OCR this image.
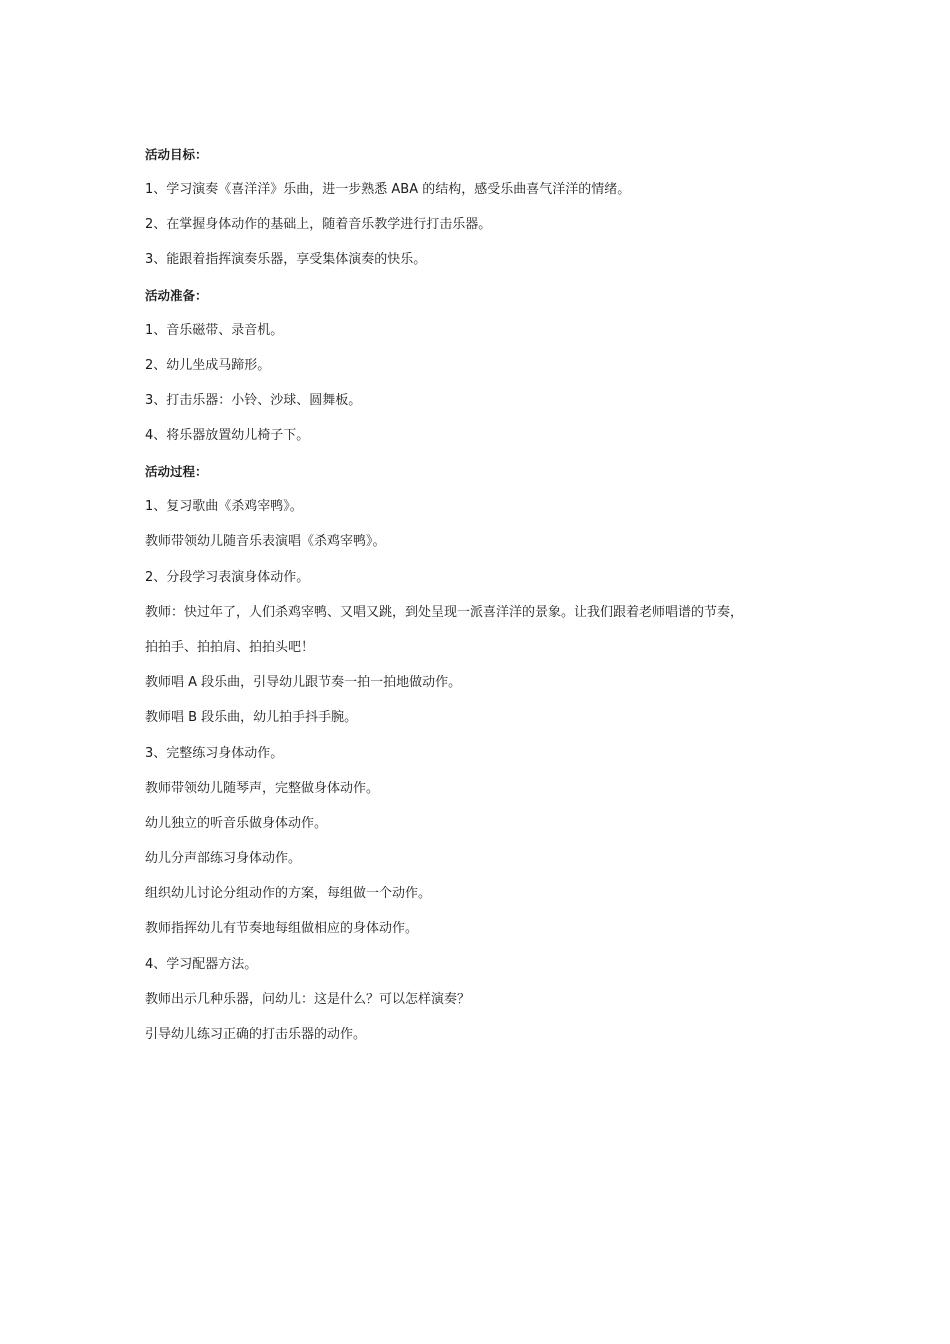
活动目标：
1、学习演奏《喜洋洋》乐曲，进一步熟悉 ABA 的结构，感受乐曲喜气洋洋的情绪。
2、在掌握身体动作的基础上，随着音乐教学进行打击乐器。
3、能跟着指挥演奏乐器，享受集体演奏的快乐。
活动准备：
1、音乐磁带、录音机。
2、幼儿坐成马蹄形。
3、打击乐器：小铃、沙球、圆舞板。
4、将乐器放置幼儿椅子下。
活动过程：
1、复习歌曲《杀鸡宰鸭》。
教师带领幼儿随音乐表演唱《杀鸡宰鸭》。
2、分段学习表演身体动作。
教师：快过年了，人们杀鸡宰鸭、又唱又跳，到处呈现一派喜洋洋的景象。让我们跟着老师唱谱的节奏，
拍拍手、拍拍肩、拍拍头吧！
教师唱 A 段乐曲，引导幼儿跟节奏一拍一拍地做动作。
教师唱 B 段乐曲，幼儿拍手抖手腕。
3、完整练习身体动作。
教师带领幼儿随琴声，完整做身体动作。
幼儿独立的听音乐做身体动作。
幼儿分声部练习身体动作。
组织幼儿讨论分组动作的方案，每组做一个动作。
教师指挥幼儿有节奏地每组做相应的身体动作。
4、学习配器方法。
教师出示几种乐器，问幼儿：这是什么？可以怎样演奏？
引导幼儿练习正确的打击乐器的动作。
